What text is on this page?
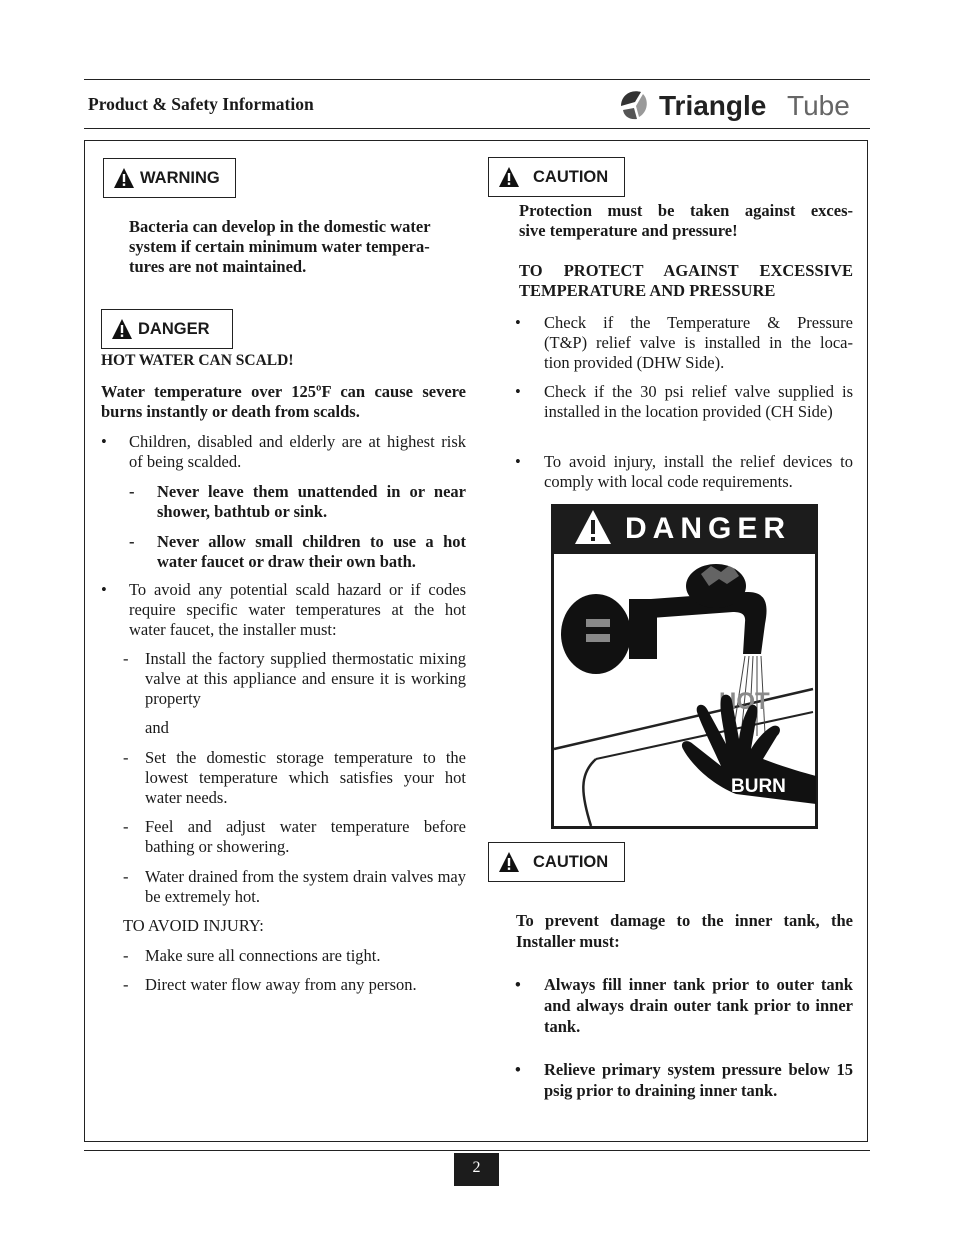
Product & Safety Information	Triangle Tube
WARNING
Bacteria can develop in the domestic water
system if certain minimum water tempera-
tures are not maintained.
DANGER
HOT WATER CAN SCALD!
Water temperature over 125ºF can cause severe burns instantly or death from scalds.
• Children, disabled and elderly are at highest risk of being scalded.
- Never leave them unattended in or near shower, bathtub or sink.
- Never allow small children to use a hot water faucet or draw their own bath.
• To avoid any potential scald hazard or if codes require specific water temperatures at the hot water faucet, the installer must:
- Install the factory supplied thermostatic mixing valve at this appliance and ensure it is working property
and
- Set the domestic storage temperature to the lowest temperature which satisfies your hot water needs.
- Feel and adjust water temperature before bathing or showering.
- Water drained from the system drain valves may be extremely hot.
TO AVOID INJURY:
- Make sure all connections are tight.
- Direct water flow away from any person.
CAUTION
Protection must be taken against exces-
sive temperature and pressure!
TO PROTECT AGAINST EXCESSIVE
TEMPERATURE AND PRESSURE
• Check if the Temperature & Pressure
(T&P) relief valve is installed in the loca-
tion provided (DHW Side).
• Check if the 30 psi relief valve supplied is installed in the location provided (CH Side)
• To avoid injury, install the relief devices to comply with local code requirements.
DANGER
HOT
BURN
CAUTION
To prevent damage to the inner tank, the Installer must:
• Always fill inner tank prior to outer tank and always drain outer tank prior to inner tank.
• Relieve primary system pressure below 15 psig prior to draining inner tank.
2
